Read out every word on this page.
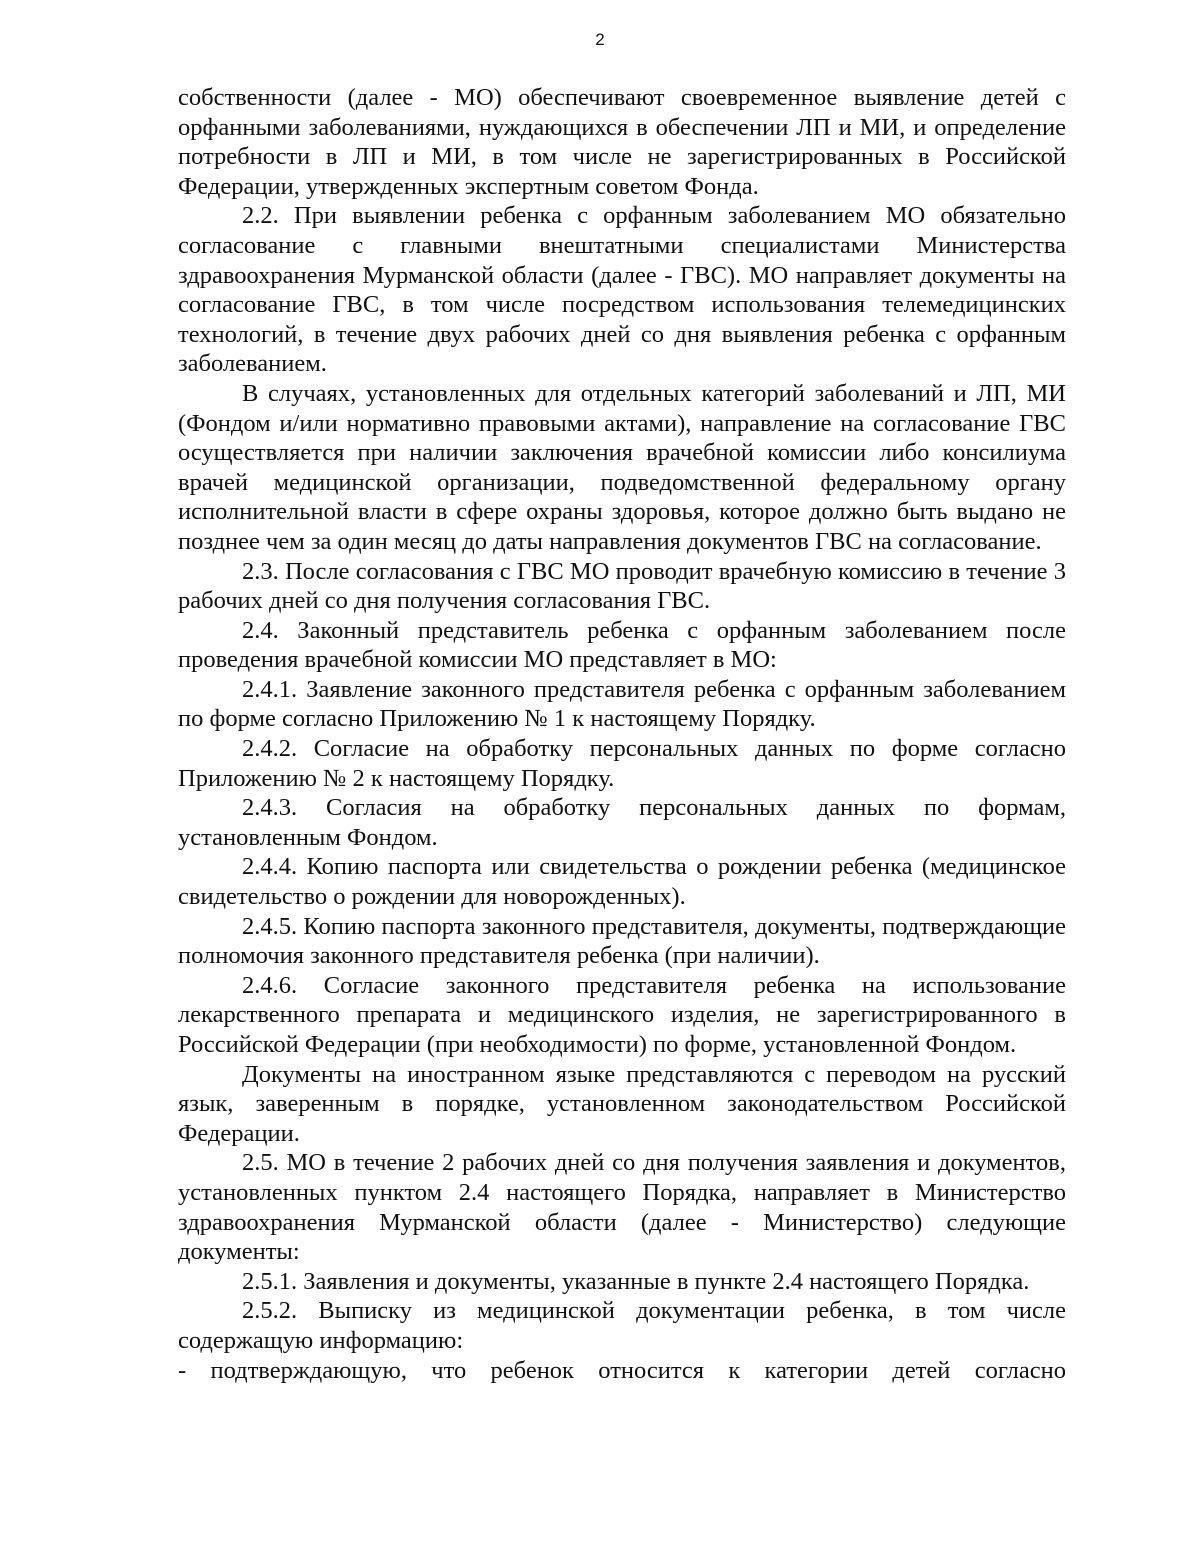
2

собственности (далее - МО) обеспечивают своевременное выявление детей с орфанными заболеваниями, нуждающихся в обеспечении ЛП и МИ, и определение потребности в ЛП и МИ, в том числе не зарегистрированных в Российской Федерации, утвержденных экспертным советом Фонда.

2.2. При выявлении ребенка с орфанным заболеванием МО обязательно согласование с главными внештатными специалистами Министерства здравоохранения Мурманской области (далее - ГВС). МО направляет документы на согласование ГВС, в том числе посредством использования телемедицинских технологий, в течение двух рабочих дней со дня выявления ребенка с орфанным заболеванием.

В случаях, установленных для отдельных категорий заболеваний и ЛП, МИ (Фондом и/или нормативно правовыми актами), направление на согласование ГВС осуществляется при наличии заключения врачебной комиссии либо консилиума врачей медицинской организации, подведомственной федеральному органу исполнительной власти в сфере охраны здоровья, которое должно быть выдано не позднее чем за один месяц до даты направления документов ГВС на согласование.

2.3. После согласования с ГВС МО проводит врачебную комиссию в течение 3 рабочих дней со дня получения согласования ГВС.

2.4. Законный представитель ребенка с орфанным заболеванием после проведения врачебной комиссии МО представляет в МО:

2.4.1. Заявление законного представителя ребенка с орфанным заболеванием по форме согласно Приложению № 1 к настоящему Порядку.

2.4.2. Согласие на обработку персональных данных по форме согласно Приложению № 2 к настоящему Порядку.

2.4.3. Согласия на обработку персональных данных по формам, установленным Фондом.

2.4.4. Копию паспорта или свидетельства о рождении ребенка (медицинское свидетельство о рождении для новорожденных).

2.4.5. Копию паспорта законного представителя, документы, подтверждающие полномочия законного представителя ребенка (при наличии).

2.4.6. Согласие законного представителя ребенка на использование лекарственного препарата и медицинского изделия, не зарегистрированного в Российской Федерации (при необходимости) по форме, установленной Фондом.

Документы на иностранном языке представляются с переводом на русский язык, заверенным в порядке, установленном законодательством Российской Федерации.

2.5. МО в течение 2 рабочих дней со дня получения заявления и документов, установленных пунктом 2.4 настоящего Порядка, направляет в Министерство здравоохранения Мурманской области (далее - Министерство) следующие документы:

2.5.1. Заявления и документы, указанные в пункте 2.4 настоящего Порядка.

2.5.2. Выписку из медицинской документации ребенка, в том числе содержащую информацию:

- подтверждающую, что ребенок относится к категории детей согласно
